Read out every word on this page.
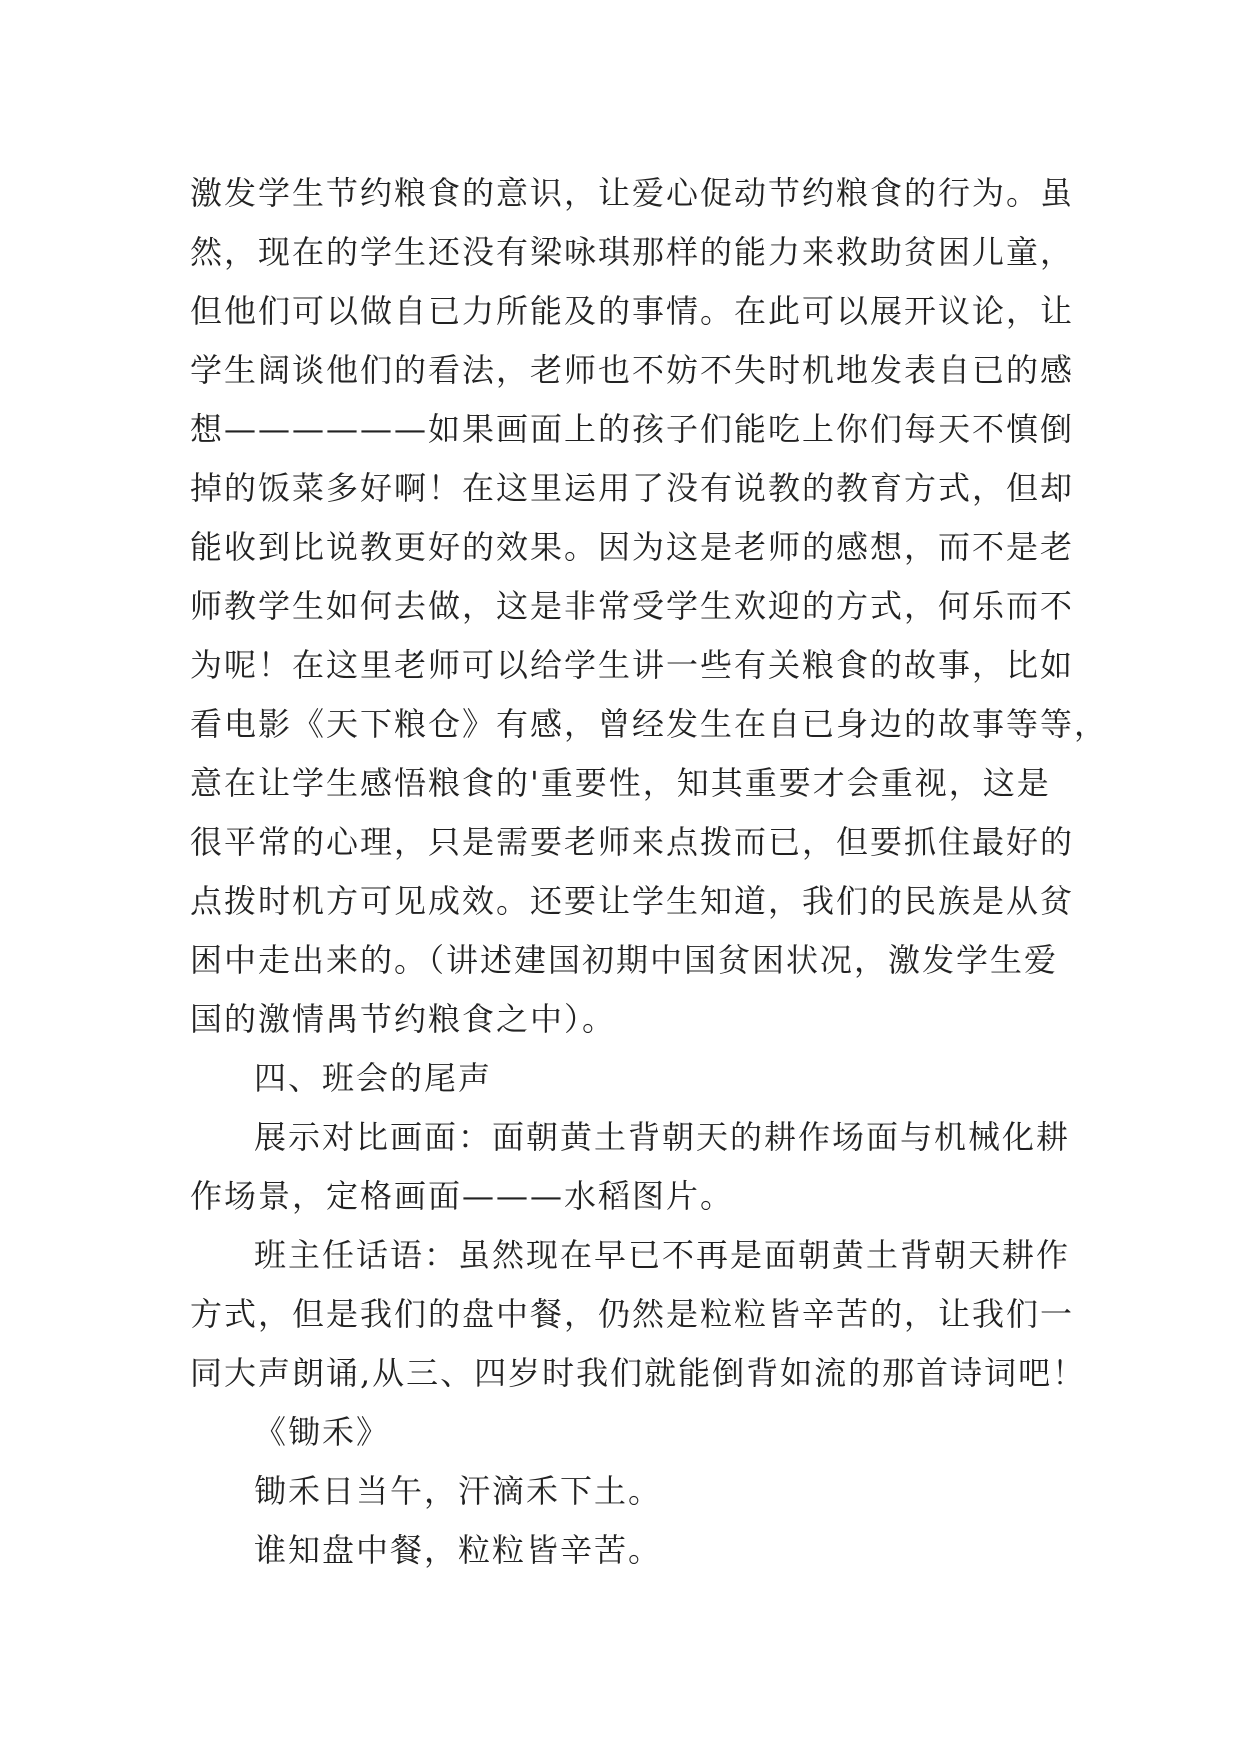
激发学生节约粮食的意识，让爱心促动节约粮食的行为。虽
然，现在的学生还没有梁咏琪那样的能力来救助贫困儿童，
但他们可以做自已力所能及的事情。在此可以展开议论，让
学生阔谈他们的看法，老师也不妨不失时机地发表自已的感
想——————如果画面上的孩子们能吃上你们每天不慎倒
掉的饭菜多好啊！在这里运用了没有说教的教育方式，但却
能收到比说教更好的效果。因为这是老师的感想，而不是老
师教学生如何去做，这是非常受学生欢迎的方式，何乐而不
为呢！在这里老师可以给学生讲一些有关粮食的故事，比如
看电影《天下粮仓》有感，曾经发生在自已身边的故事等等，
意在让学生感悟粮食的'重要性，知其重要才会重视，这是
很平常的心理，只是需要老师来点拨而已，但要抓住最好的
点拨时机方可见成效。还要让学生知道，我们的民族是从贫
困中走出来的。（讲述建国初期中国贫困状况，激发学生爱
国的激情禺节约粮食之中）。
四、班会的尾声
展示对比画面：面朝黄土背朝天的耕作场面与机械化耕
作场景，定格画面———水稻图片。
班主任话语：虽然现在早已不再是面朝黄土背朝天耕作
方式，但是我们的盘中餐，仍然是粒粒皆辛苦的，让我们一
同大声朗诵,从三、四岁时我们就能倒背如流的那首诗词吧！
《锄禾》
锄禾日当午，汗滴禾下土。
谁知盘中餐，粒粒皆辛苦。
